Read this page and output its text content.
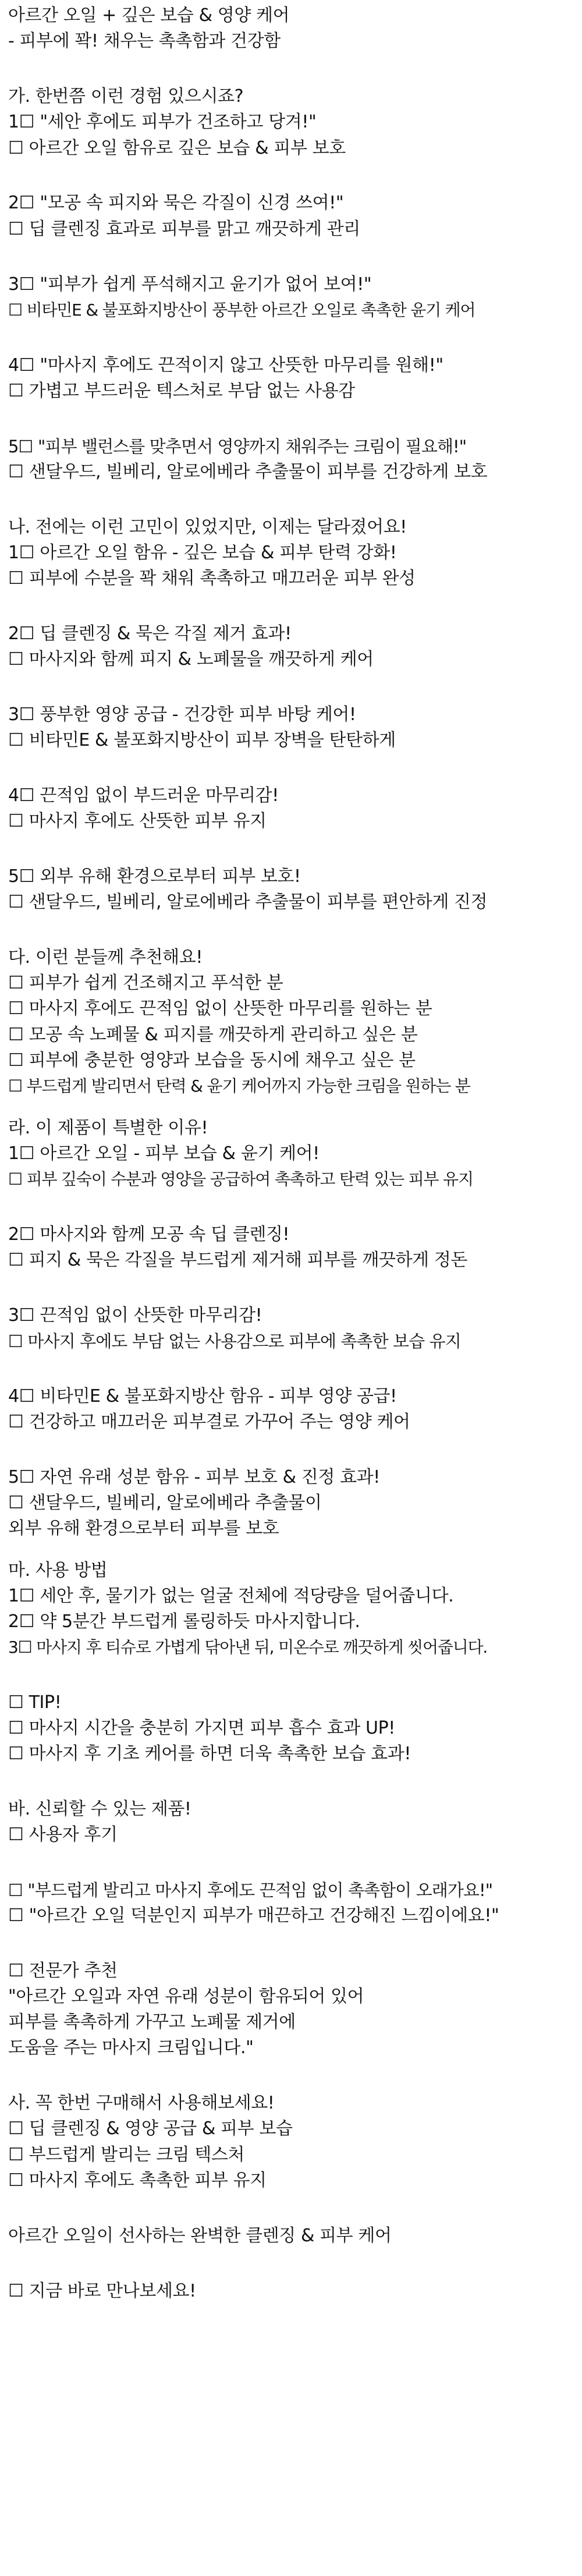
아르간 오일 + 깊은 보습 & 영양 케어
- 피부에 꽉! 채우는 촉촉함과 건강함
가. 한번쯤 이런 경험 있으시죠?
1☐ "세안 후에도 피부가 건조하고 당겨!"
☐ 아르간 오일 함유로 깊은 보습 & 피부 보호
2☐ "모공 속 피지와 묵은 각질이 신경 쓰여!"
☐ 딥 클렌징 효과로 피부를 맑고 깨끗하게 관리
3☐ "피부가 쉽게 푸석해지고 윤기가 없어 보여!"
☐ 비타민E & 불포화지방산이 풍부한 아르간 오일로 촉촉한 윤기 케어
4☐ "마사지 후에도 끈적이지 않고 산뜻한 마무리를 원해!"
☐ 가볍고 부드러운 텍스처로 부담 없는 사용감
5☐ "피부 밸런스를 맞추면서 영양까지 채워주는 크림이 필요해!"
☐ 샌달우드, 빌베리, 알로에베라 추출물이 피부를 건강하게 보호
나. 전에는 이런 고민이 있었지만, 이제는 달라졌어요!
1☐ 아르간 오일 함유 - 깊은 보습 & 피부 탄력 강화!
☐ 피부에 수분을 꽉 채워 촉촉하고 매끄러운 피부 완성
2☐ 딥 클렌징 & 묵은 각질 제거 효과!
☐ 마사지와 함께 피지 & 노폐물을 깨끗하게 케어
3☐ 풍부한 영양 공급 - 건강한 피부 바탕 케어!
☐ 비타민E & 불포화지방산이 피부 장벽을 탄탄하게
4☐ 끈적임 없이 부드러운 마무리감!
☐ 마사지 후에도 산뜻한 피부 유지
5☐ 외부 유해 환경으로부터 피부 보호!
☐ 샌달우드, 빌베리, 알로에베라 추출물이 피부를 편안하게 진정
다. 이런 분들께 추천해요!
☐ 피부가 쉽게 건조해지고 푸석한 분
☐ 마사지 후에도 끈적임 없이 산뜻한 마무리를 원하는 분
☐ 모공 속 노폐물 & 피지를 깨끗하게 관리하고 싶은 분
☐ 피부에 충분한 영양과 보습을 동시에 채우고 싶은 분
☐ 부드럽게 발리면서 탄력 & 윤기 케어까지 가능한 크림을 원하는 분
라. 이 제품이 특별한 이유!
1☐ 아르간 오일 - 피부 보습 & 윤기 케어!
☐ 피부 깊숙이 수분과 영양을 공급하여 촉촉하고 탄력 있는 피부 유지
2☐ 마사지와 함께 모공 속 딥 클렌징!
☐ 피지 & 묵은 각질을 부드럽게 제거해 피부를 깨끗하게 정돈
3☐ 끈적임 없이 산뜻한 마무리감!
☐ 마사지 후에도 부담 없는 사용감으로 피부에 촉촉한 보습 유지
4☐ 비타민E & 불포화지방산 함유 - 피부 영양 공급!
☐ 건강하고 매끄러운 피부결로 가꾸어 주는 영양 케어
5☐ 자연 유래 성분 함유 - 피부 보호 & 진정 효과!
☐ 샌달우드, 빌베리, 알로에베라 추출물이
외부 유해 환경으로부터 피부를 보호
마. 사용 방법
1☐ 세안 후, 물기가 없는 얼굴 전체에 적당량을 덜어줍니다.
2☐ 약 5분간 부드럽게 롤링하듯 마사지합니다.
3☐ 마사지 후 티슈로 가볍게 닦아낸 뒤, 미온수로 깨끗하게 씻어줍니다.
☐ TIP!
☐ 마사지 시간을 충분히 가지면 피부 흡수 효과 UP!
☐ 마사지 후 기초 케어를 하면 더욱 촉촉한 보습 효과!
바. 신뢰할 수 있는 제품!
☐ 사용자 후기
☐ "부드럽게 발리고 마사지 후에도 끈적임 없이 촉촉함이 오래가요!"
☐ "아르간 오일 덕분인지 피부가 매끈하고 건강해진 느낌이에요!"
☐ 전문가 추천
"아르간 오일과 자연 유래 성분이 함유되어 있어
피부를 촉촉하게 가꾸고 노폐물 제거에
도움을 주는 마사지 크림입니다."
사. 꼭 한번 구매해서 사용해보세요!
☐ 딥 클렌징 & 영양 공급 & 피부 보습
☐ 부드럽게 발리는 크림 텍스처
☐ 마사지 후에도 촉촉한 피부 유지
아르간 오일이 선사하는 완벽한 클렌징 & 피부 케어
☐ 지금 바로 만나보세요!
